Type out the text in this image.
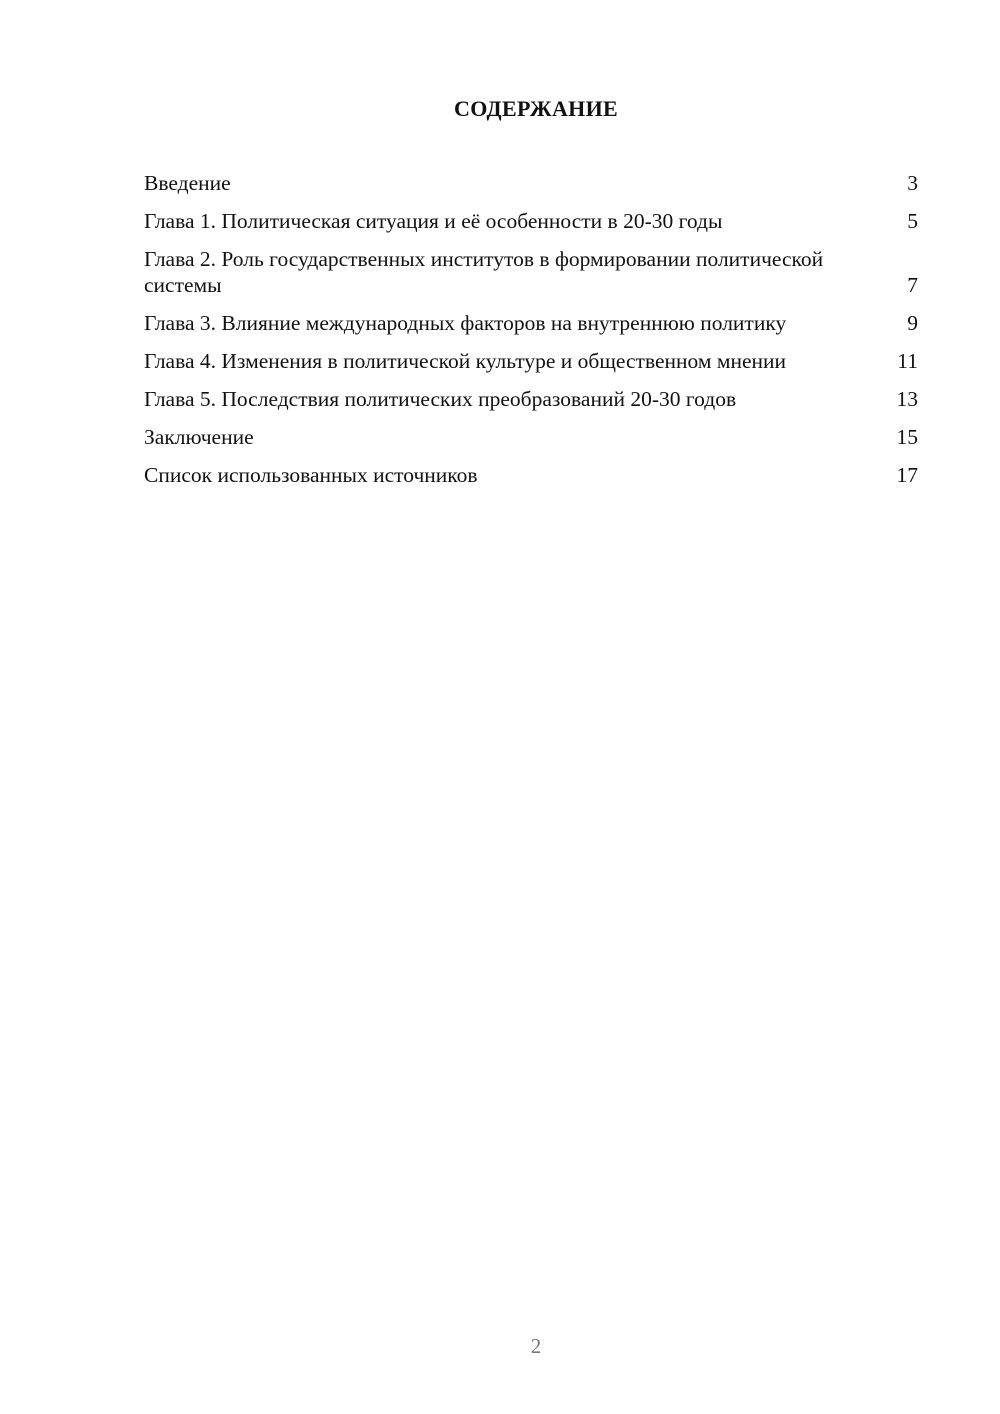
СОДЕРЖАНИЕ
Введение	3
Глава 1. Политическая ситуация и её особенности в 20-30 годы	5
Глава 2. Роль государственных институтов в формировании политической системы	7
Глава 3. Влияние международных факторов на внутреннюю политику	9
Глава 4. Изменения в политической культуре и общественном мнении	11
Глава 5. Последствия политических преобразований 20-30 годов	13
Заключение	15
Список использованных источников	17
2
